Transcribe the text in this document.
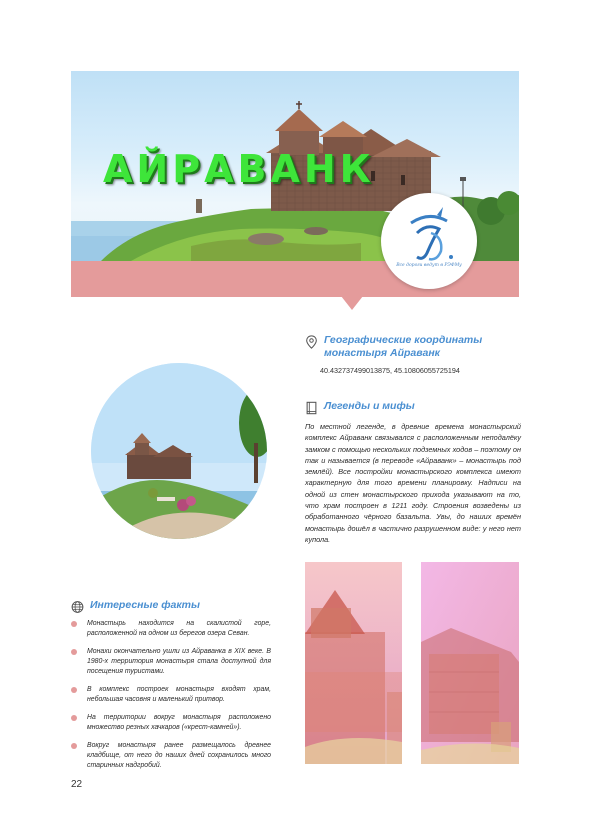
АЙРАВАНК
Все дороги ведут в РЭФМу
Географические координаты монастыря Айраванк
40.432737499013875, 45.10806055725194
Легенды и мифы
По местной легенде, в древние времена монастырский комплекс Айраванк связывался с расположенным неподалёку замком с помощью нескольких подземных ходов – поэтому он так и называется (в переводе «Айраванк» – монастырь под землёй). Все постройки монастырского комплекса имеют характерную для того времени планировку. Надписи на одной из стен монастырского прихода указывают на то, что храм построен в 1211 году. Строения возведены из обработанного чёрного базальта. Увы, до наших времён монастырь дошёл в частично разрушенном виде: у него нет купола.
Интересные факты
Монастырь находится на скалистой горе, расположенной на одном из берегов озера Севан.
Монахи окончательно ушли из Айраванка в XIX веке. В 1980-х территория монастыря стала доступной для посещения туристами.
В комплекс построек монастыря входят храм, небольшая часовня и маленький притвор.
На территории вокруг монастыря расположено множество резных хачкаров («крест-камней»).
Вокруг монастыря ранее размещалось древнее кладбище, от него до наших дней сохранилось много старинных надгробий.
22
